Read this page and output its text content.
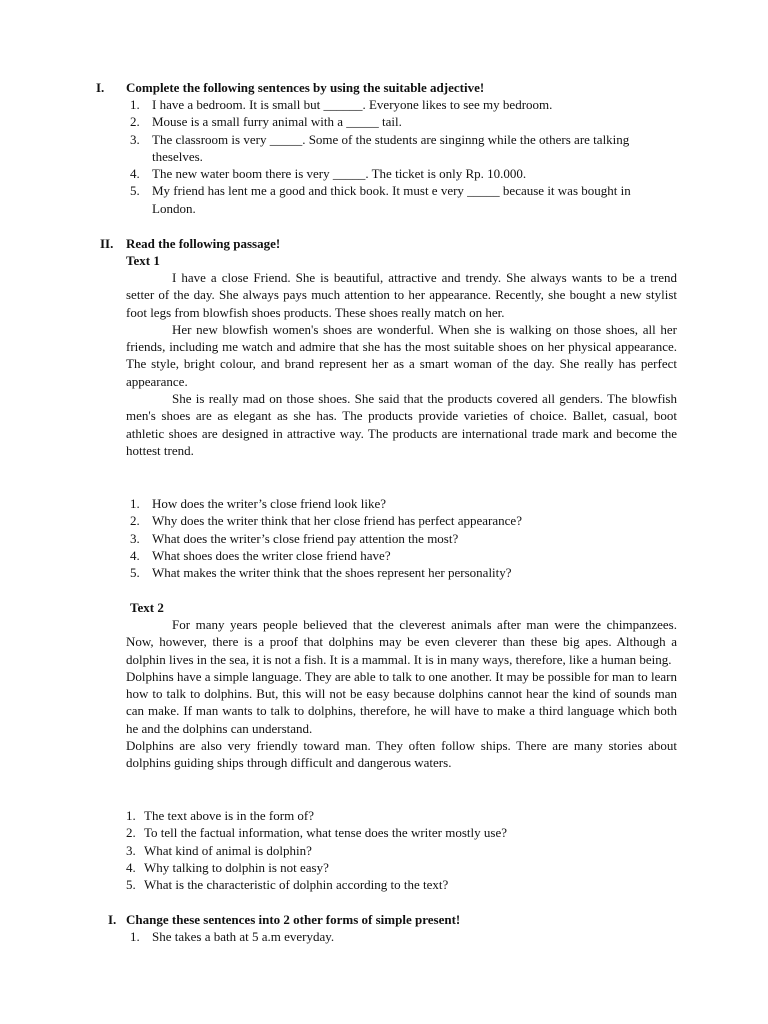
I. Complete the following sentences by using the suitable adjective!
1. I have a bedroom. It is small but ______. Everyone likes to see my bedroom.
2. Mouse is a small furry animal with a _____ tail.
3. The classroom is very _____. Some of the students are singinng while the others are talking theselves.
4. The new water boom there is very _____. The ticket is only Rp. 10.000.
5. My friend has lent me a good and thick book. It must e very _____ because it was bought in London.
II. Read the following passage!
Text 1

I have a close Friend. She is beautiful, attractive and trendy. She always wants to be a trend setter of the day. She always pays much attention to her appearance. Recently, she bought a new stylist foot legs from blowfish shoes products. These shoes really match on her.

Her new blowfish women's shoes are wonderful. When she is walking on those shoes, all her friends, including me watch and admire that she has the most suitable shoes on her physical appearance. The style, bright colour, and brand represent her as a smart woman of the day. She really has perfect appearance.

She is really mad on those shoes. She said that the products covered all genders. The blowfish men's shoes are as elegant as she has. The products provide varieties of choice. Ballet, casual, boot athletic shoes are designed in attractive way. The products are international trade mark and become the hottest trend.

1. How does the writer’s close friend look like?
2. Why does the writer think that her close friend has perfect appearance?
3. What does the writer’s close friend pay attention the most?
4. What shoes does the writer close friend have?
5. What makes the writer think that the shoes represent her personality?
Text 2

For many years people believed that the cleverest animals after man were the chimpanzees. Now, however, there is a proof that dolphins may be even cleverer than these big apes. Although a dolphin lives in the sea, it is not a fish. It is a mammal. It is in many ways, therefore, like a human being.

Dolphins have a simple language. They are able to talk to one another. It may be possible for man to learn how to talk to dolphins. But, this will not be easy because dolphins cannot hear the kind of sounds man can make. If man wants to talk to dolphins, therefore, he will have to make a third language which both he and the dolphins can understand.

Dolphins are also very friendly toward man. They often follow ships. There are many stories about dolphins guiding ships through difficult and dangerous waters.

1. The text above is in the form of?
2. To tell the factual information, what tense does the writer mostly use?
3. What kind of animal is dolphin?
4. Why talking to dolphin is not easy?
5. What is the characteristic of dolphin according to the text?
I. Change these sentences into 2 other forms of simple present!
1. She takes a bath at 5 a.m everyday.
